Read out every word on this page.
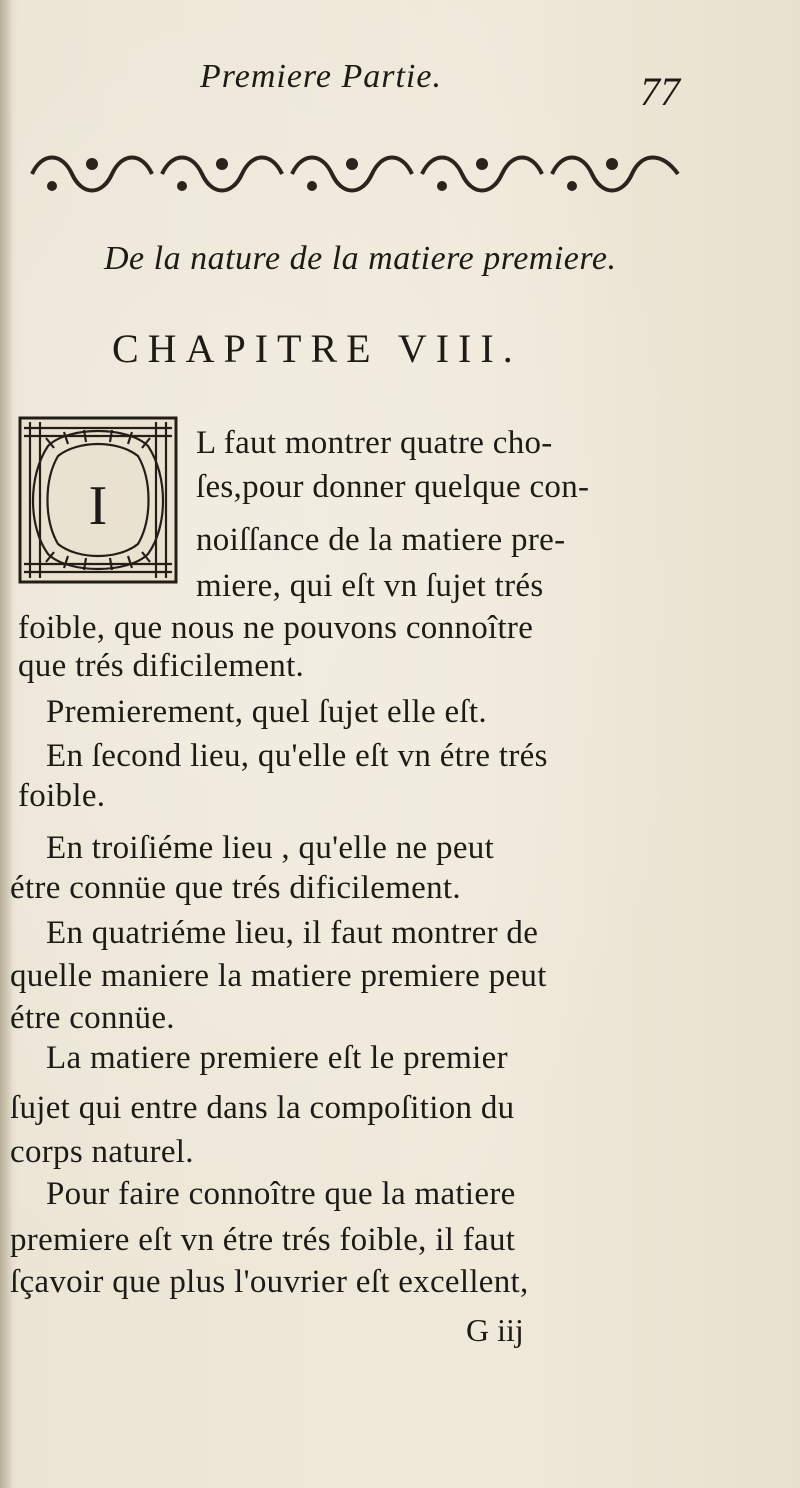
Premiere Partie.	77
De la nature de la matiere premiere.
CHAPITRE VIII.
I
L faut montrer quatre cho-
ſes,pour donner quelque con-
noiſſance de la matiere pre-
miere, qui eſt vn ſujet trés
foible, que nous ne pouvons connoître
que trés dificilement.
Premierement, quel ſujet elle eſt.
En ſecond lieu, qu'elle eſt vn étre trés
foible.
En troiſiéme lieu , qu'elle ne peut
étre connüe que trés dificilement.
En quatriéme lieu, il faut montrer de
quelle maniere la matiere premiere peut
étre connüe.
La matiere premiere eſt le premier
ſujet qui entre dans la compoſition du
corps naturel.
Pour faire connoître que la matiere
premiere eſt vn étre trés foible, il faut
ſçavoir que plus l'ouvrier eſt excellent,
G iij
